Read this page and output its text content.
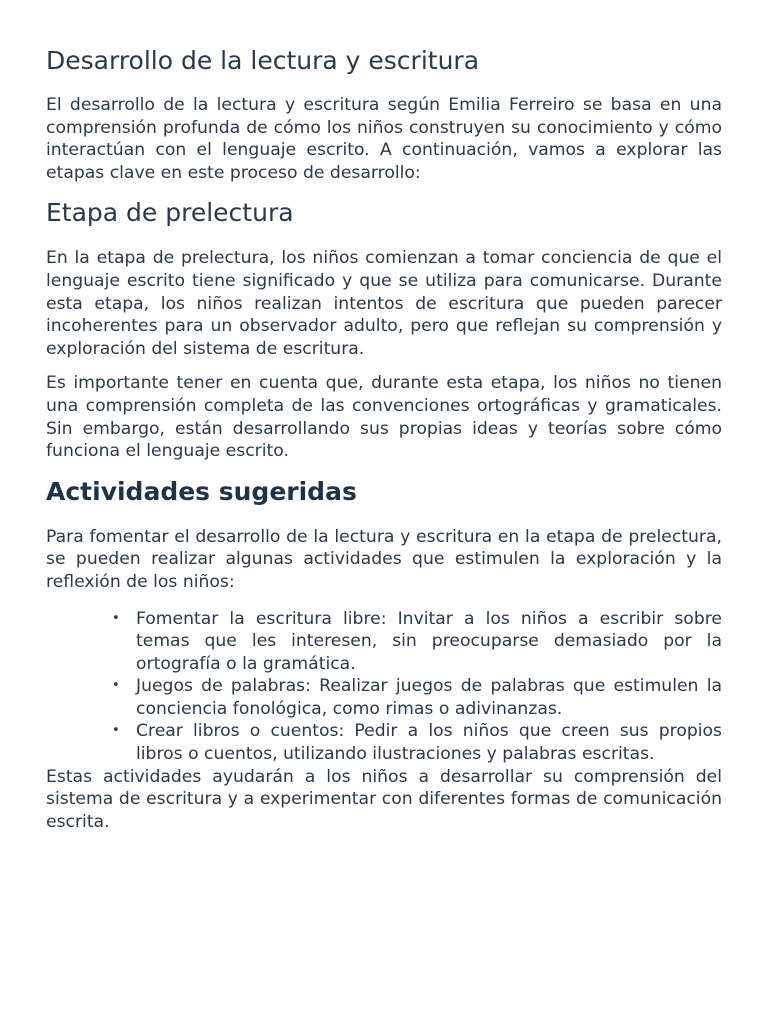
Desarrollo de la lectura y escritura

El desarrollo de la lectura y escritura según Emilia Ferreiro se basa en una comprensión profunda de cómo los niños construyen su conocimiento y cómo interactúan con el lenguaje escrito. A continuación, vamos a explorar las etapas clave en este proceso de desarrollo:

Etapa de prelectura

En la etapa de prelectura, los niños comienzan a tomar conciencia de que el lenguaje escrito tiene significado y que se utiliza para comunicarse. Durante esta etapa, los niños realizan intentos de escritura que pueden parecer incoherentes para un observador adulto, pero que reflejan su comprensión y exploración del sistema de escritura.

Es importante tener en cuenta que, durante esta etapa, los niños no tienen una comprensión completa de las convenciones ortográficas y gramaticales. Sin embargo, están desarrollando sus propias ideas y teorías sobre cómo funciona el lenguaje escrito.

Actividades sugeridas

Para fomentar el desarrollo de la lectura y escritura en la etapa de prelectura, se pueden realizar algunas actividades que estimulen la exploración y la reflexión de los niños:

• Fomentar la escritura libre: Invitar a los niños a escribir sobre temas que les interesen, sin preocuparse demasiado por la ortografía o la gramática.
• Juegos de palabras: Realizar juegos de palabras que estimulen la conciencia fonológica, como rimas o adivinanzas.
• Crear libros o cuentos: Pedir a los niños que creen sus propios libros o cuentos, utilizando ilustraciones y palabras escritas.

Estas actividades ayudarán a los niños a desarrollar su comprensión del sistema de escritura y a experimentar con diferentes formas de comunicación escrita.
